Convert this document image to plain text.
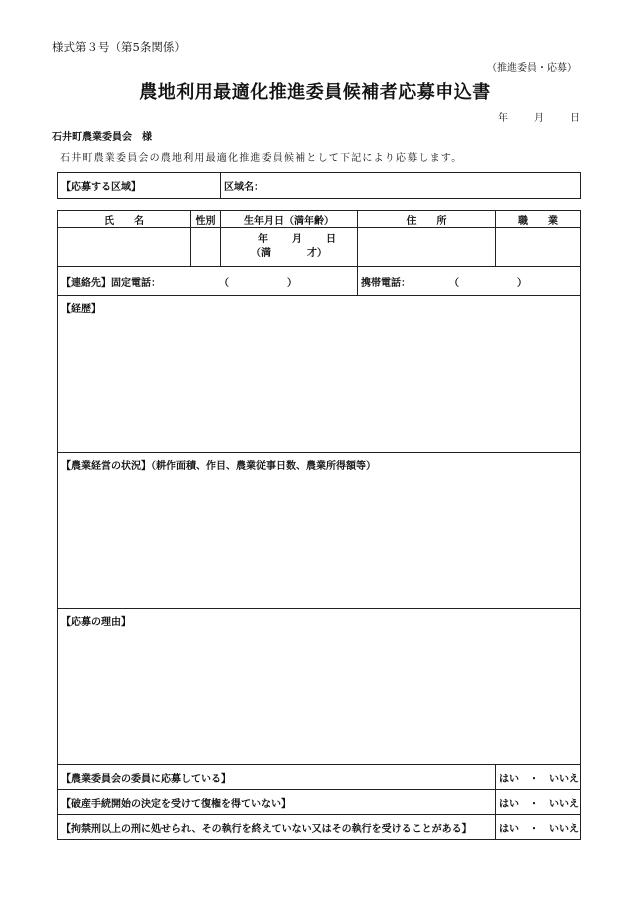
様式第３号（第5条関係）
（推進委員・応募）
農地利用最適化推進委員候補者応募申込書
年	月	日
石井町農業委員会　様
石井町農業委員会の農地利用最適化推進委員候補として下記により応募します。
【応募する区域】	区域名：
氏　　名	性別	生年月日（満年齢）	住　　所	職　　業

		年 月 日
（満 才）		

【連絡先】固定電話： （ ）			携帯電話： （ ）	

【経歴】				
【農業経営の状況】（耕作面積、作目、農業従事日数、農業所得額等）				
【応募の理由】				
【農業委員会の委員に応募している】				はい　・　いいえ
【破産手続開始の決定を受けて復権を得ていない】				はい　・　いいえ
【拘禁刑以上の刑に処せられ、その執行を終えていない又はその執行を受けることがある】				はい　・　いいえ
